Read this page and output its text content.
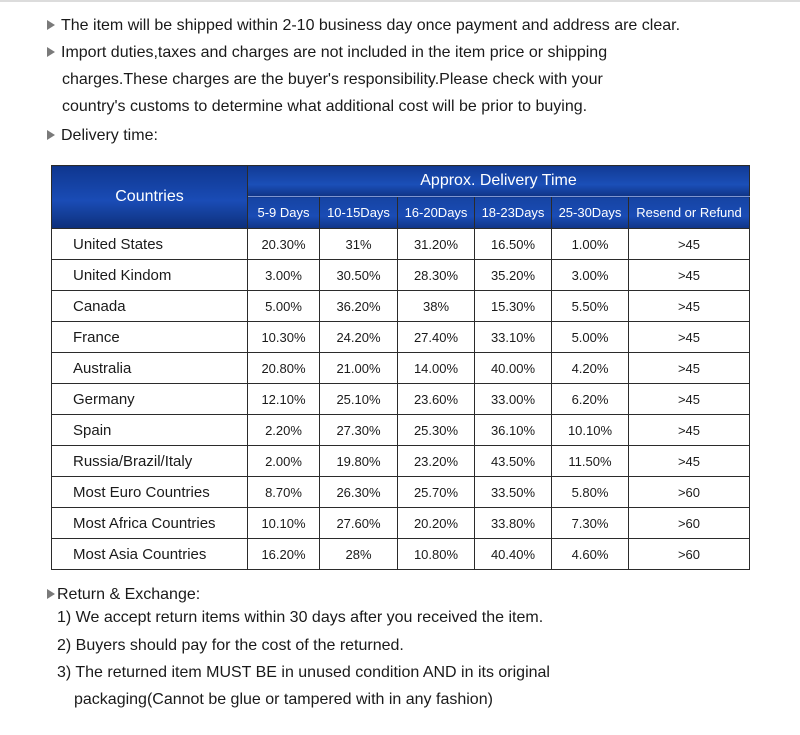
The item will be shipped within 2-10 business day once payment and address are clear.
Import duties,taxes and charges are not included in the item price or shipping
charges.These charges are the buyer's responsibility.Please check with your
country's customs to determine what additional cost will be prior to buying.
Delivery time:
Countries	Approx. Delivery Time					
	5-9 Days	10-15Days	16-20Days	18-23Days	25-30Days	Resend or Refund
United States	20.30%	31%	31.20%	16.50%	1.00%	>45
United Kindom	3.00%	30.50%	28.30%	35.20%	3.00%	>45
Canada	5.00%	36.20%	38%	15.30%	5.50%	>45
France	10.30%	24.20%	27.40%	33.10%	5.00%	>45
Australia	20.80%	21.00%	14.00%	40.00%	4.20%	>45
Germany	12.10%	25.10%	23.60%	33.00%	6.20%	>45
Spain	2.20%	27.30%	25.30%	36.10%	10.10%	>45
Russia/Brazil/Italy	2.00%	19.80%	23.20%	43.50%	11.50%	>45
Most Euro Countries	8.70%	26.30%	25.70%	33.50%	5.80%	>60
Most Africa Countries	10.10%	27.60%	20.20%	33.80%	7.30%	>60
Most Asia Countries	16.20%	28%	10.80%	40.40%	4.60%	>60
Return & Exchange:
1) We accept return items within 30 days after you received the item.
2) Buyers should pay for the cost of the returned.
3) The returned item MUST BE in unused condition AND in its original
packaging(Cannot be glue or tampered with in any fashion)
